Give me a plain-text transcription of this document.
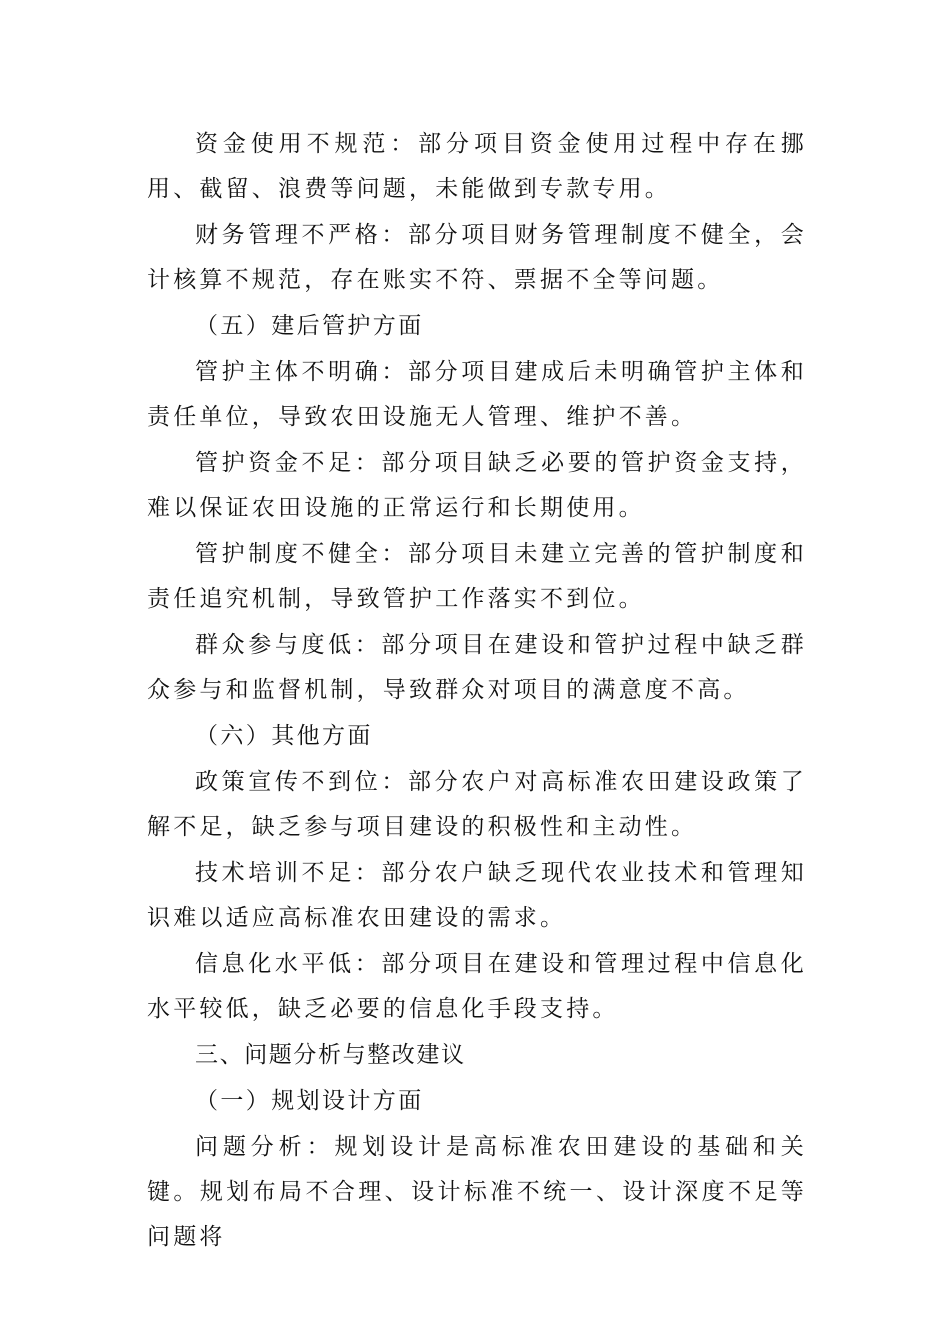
资金使用不规范：部分项目资金使用过程中存在挪用、截留、浪费等问题，未能做到专款专用。

财务管理不严格：部分项目财务管理制度不健全，会计核算不规范，存在账实不符、票据不全等问题。

（五）建后管护方面

管护主体不明确：部分项目建成后未明确管护主体和责任单位，导致农田设施无人管理、维护不善。

管护资金不足：部分项目缺乏必要的管护资金支持，难以保证农田设施的正常运行和长期使用。

管护制度不健全：部分项目未建立完善的管护制度和责任追究机制，导致管护工作落实不到位。

群众参与度低：部分项目在建设和管护过程中缺乏群众参与和监督机制，导致群众对项目的满意度不高。

（六）其他方面

政策宣传不到位：部分农户对高标准农田建设政策了解不足，缺乏参与项目建设的积极性和主动性。

技术培训不足：部分农户缺乏现代农业技术和管理知识难以适应高标准农田建设的需求。

信息化水平低：部分项目在建设和管理过程中信息化水平较低，缺乏必要的信息化手段支持。

三、问题分析与整改建议

（一）规划设计方面

问题分析：规划设计是高标准农田建设的基础和关键。规划布局不合理、设计标准不统一、设计深度不足等问题将
